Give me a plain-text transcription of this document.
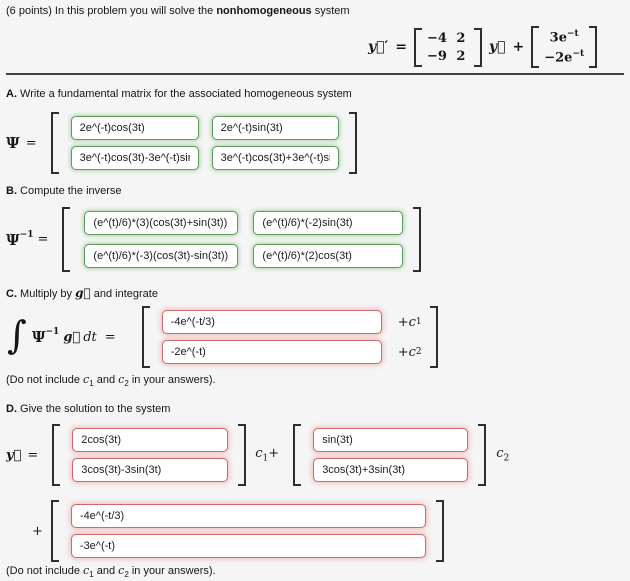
(6 points) In this problem you will solve the nonhomogeneous system
y⃗′ =
−4 2
−9 2
y⃗ +
$3e^{-t}$
$-2e^{-t}$
A. Write a fundamental matrix for the associated homogeneous system
Ψ =
2e^(-t)cos(3t)
2e^(-t)sin(3t)
3e^(-t)cos(3t)-3e^(-t)sin(3t)
3e^(-t)cos(3t)+3e^(-t)sin(3t)
B. Compute the inverse
Ψ −1 =
(e^(t)/6)*(3)(cos(3t)+sin(3t))
(e^(t)/6)*(-2)sin(3t)
(e^(t)/6)*(-3)(cos(3t)-sin(3t))
(e^(t)/6)*(2)cos(3t)
C. Multiply by g⃗ and integrate
∫ Ψ −1 g⃗ dt =
-4e^(-t/3)
-2e^(-t)
+ c 1
+ c 2
(Do not include $c_1$ and $c_2$ in your answers).
D. Give the solution to the system
y⃗ =
2cos(3t)
3cos(3t)-3sin(3t)	$c_1+$
sin(3t)
3cos(3t)+3sin(3t)	$c_2$
+
-4e^(-t/3)
-3e^(-t)
(Do not include $c_1$ and $c_2$ in your answers).
